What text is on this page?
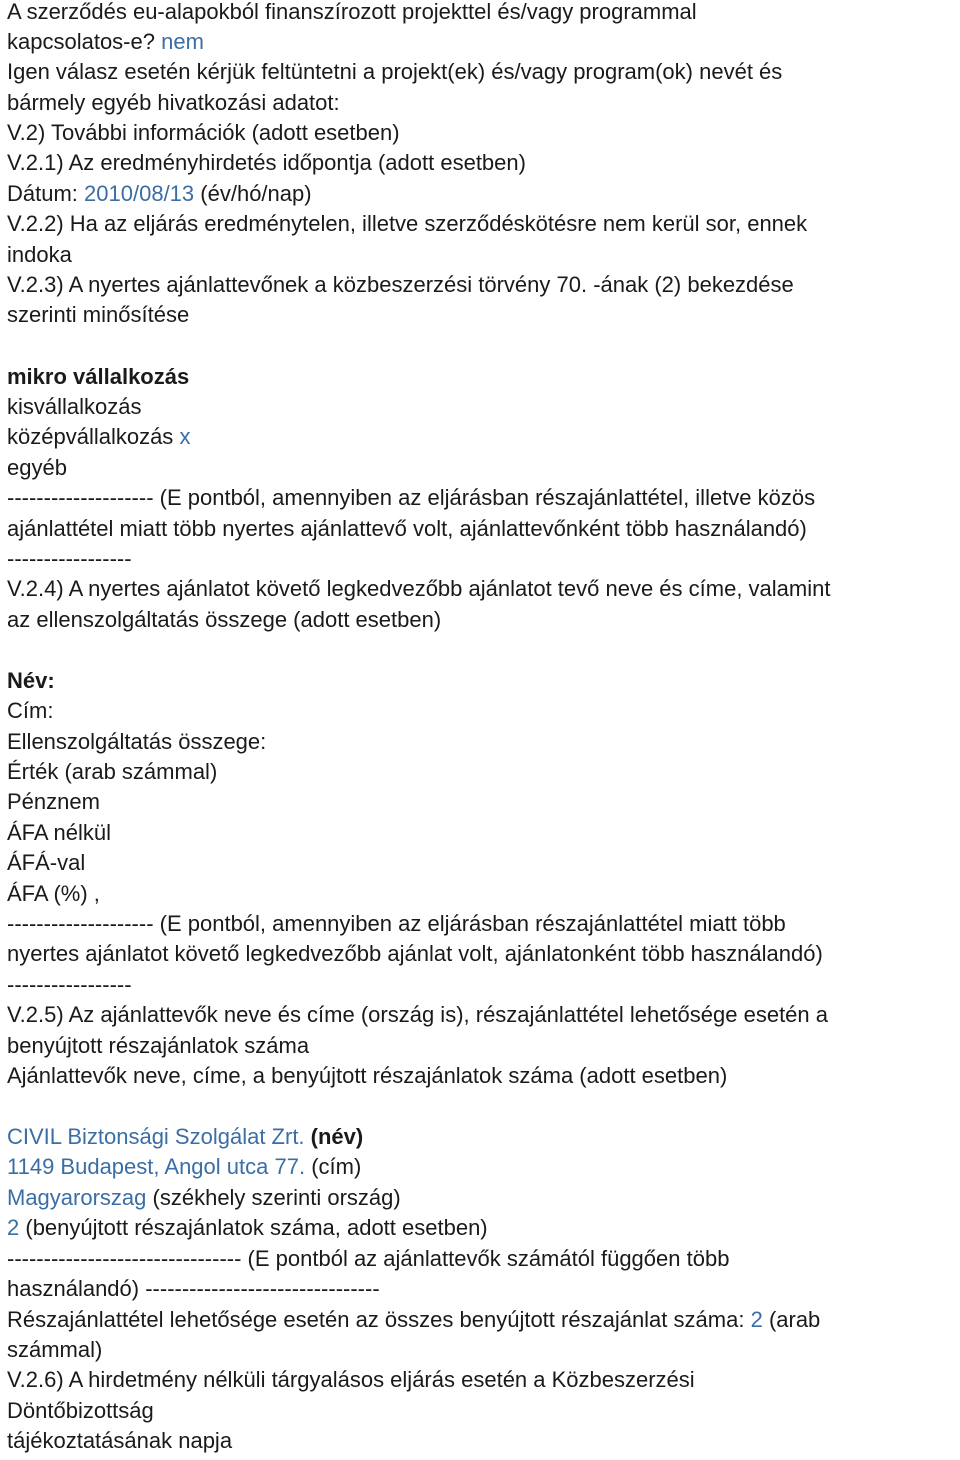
A szerződés eu-alapokból finanszírozott projekttel és/vagy programmal
kapcsolatos-e? nem
Igen válasz esetén kérjük feltüntetni a projekt(ek) és/vagy program(ok) nevét és
bármely egyéb hivatkozási adatot:
V.2) További információk (adott esetben)
V.2.1) Az eredményhirdetés időpontja (adott esetben)
Dátum: 2010/08/13 (év/hó/nap)
V.2.2) Ha az eljárás eredménytelen, illetve szerződéskötésre nem kerül sor, ennek
indoka
V.2.3) A nyertes ajánlattevőnek a közbeszerzési törvény 70. -ának (2) bekezdése
szerinti minősítése
mikro vállalkozás
kisvállalkozás
középvállalkozás x
egyéb
-------------------- (E pontból, amennyiben az eljárásban részajánlattétel, illetve közös
ajánlattétel miatt több nyertes ajánlattevő volt, ajánlattevőnként több használandó)
-----------------
V.2.4) A nyertes ajánlatot követő legkedvezőbb ajánlatot tevő neve és címe, valamint
az ellenszolgáltatás összege (adott esetben)
Név:
Cím:
Ellenszolgáltatás összege:
Érték (arab számmal)
Pénznem
ÁFA nélkül
ÁFÁ-val
ÁFA (%) ,
-------------------- (E pontból, amennyiben az eljárásban részajánlattétel miatt több
nyertes ajánlatot követő legkedvezőbb ajánlat volt, ajánlatonként több használandó)
-----------------
V.2.5) Az ajánlattevők neve és címe (ország is), részajánlattétel lehetősége esetén a
benyújtott részajánlatok száma
Ajánlattevők neve, címe, a benyújtott részajánlatok száma (adott esetben)
CIVIL Biztonsági Szolgálat Zrt. (név)
1149 Budapest, Angol utca 77. (cím)
Magyarorszag (székhely szerinti ország)
2 (benyújtott részajánlatok száma, adott esetben)
-------------------------------- (E pontból az ajánlattevők számától függően több
használandó) --------------------------------
Részajánlattétel lehetősége esetén az összes benyújtott részajánlat száma: 2 (arab
számmal)
V.2.6) A hirdetmény nélküli tárgyalásos eljárás esetén a Közbeszerzési
Döntőbizottság
tájékoztatásának napja
